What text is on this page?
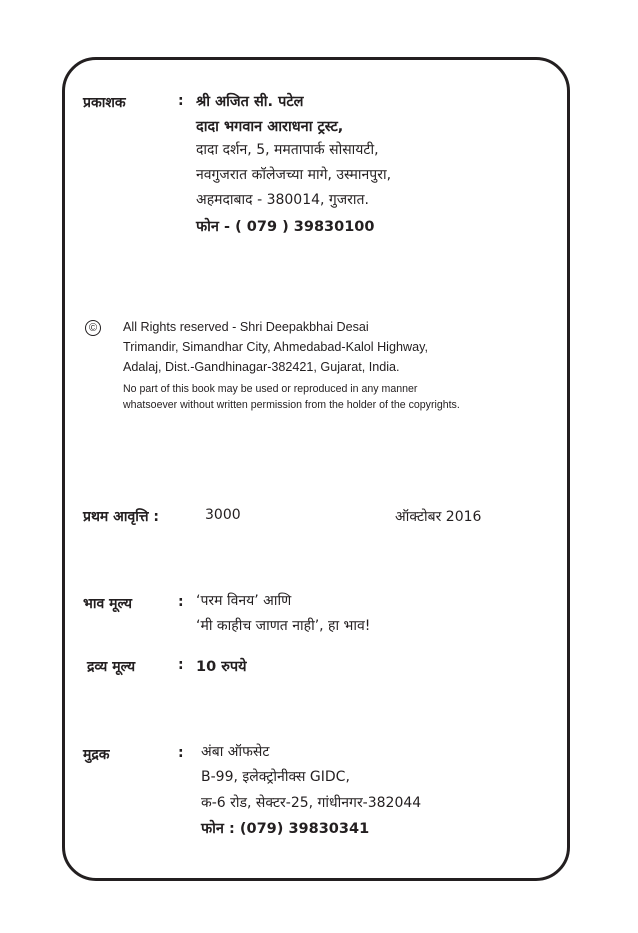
प्रकाशक	: श्री अजित सी. पटेल
दादा भगवान आराधना ट्रस्ट,
दादा दर्शन, 5, ममतापार्क सोसायटी,
नवगुजरात कॉलेजच्या मागे, उस्मानपुरा,
अहमदाबाद - 380014, गुजरात.
फोन - ( 079 ) 39830100
©	All Rights reserved - Shri Deepakbhai Desai
Trimandir, Simandhar City, Ahmedabad-Kalol Highway,
Adalaj, Dist.-Gandhinagar-382421, Gujarat, India.
No part of this book may be used or reproduced in any manner
whatsoever without written permission from the holder of the copyrights.
प्रथम आवृत्ति :	3000	ऑक्टोबर 2016
भाव मूल्य	: ‘परम विनय’ आणि
‘मी काहीच जाणत नाही’, हा भाव!
द्रव्य मूल्य	: 10 रुपये
मुद्रक	: अंबा ऑफसेट
B-99, इलेक्ट्रोनीक्स GIDC,
क-6 रोड, सेक्टर-25, गांधीनगर-382044
फोन : (079) 39830341
